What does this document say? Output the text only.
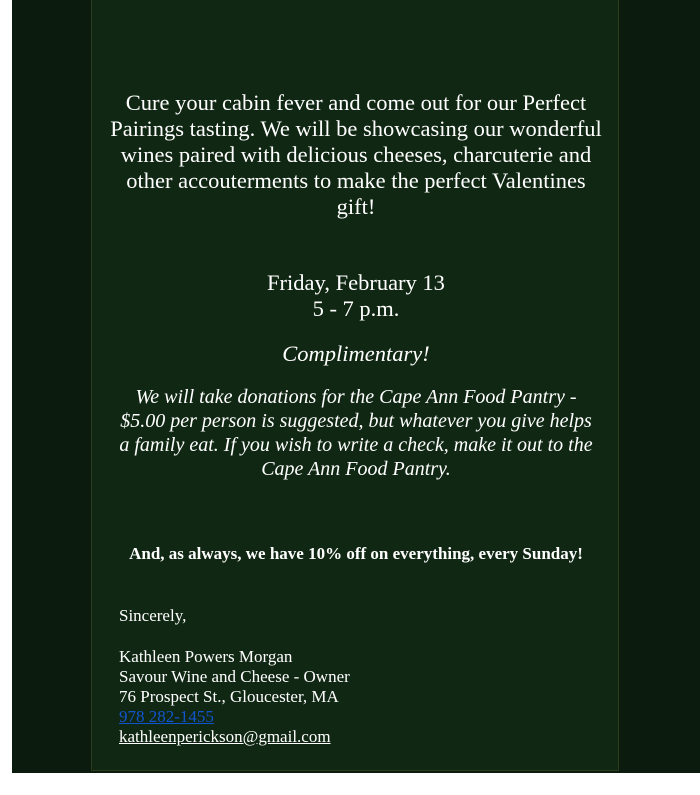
Cure your cabin fever and come out for our Perfect Pairings tasting. We will be showcasing our wonderful wines paired with delicious cheeses, charcuterie and other accouterments to make the perfect Valentines gift!

Friday, February 13

5 - 7 p.m.

Complimentary!

We will take donations for the Cape Ann Food Pantry - $5.00 per person is suggested, but whatever you give helps a family eat. If you wish to write a check, make it out to the Cape Ann Food Pantry.

And, as always, we have 10% off on everything, every Sunday!

Sincerely,

Kathleen Powers Morgan
Savour Wine and Cheese - Owner
76 Prospect St., Gloucester, MA
978 282-1455
kathleenperickson@gmail.com
